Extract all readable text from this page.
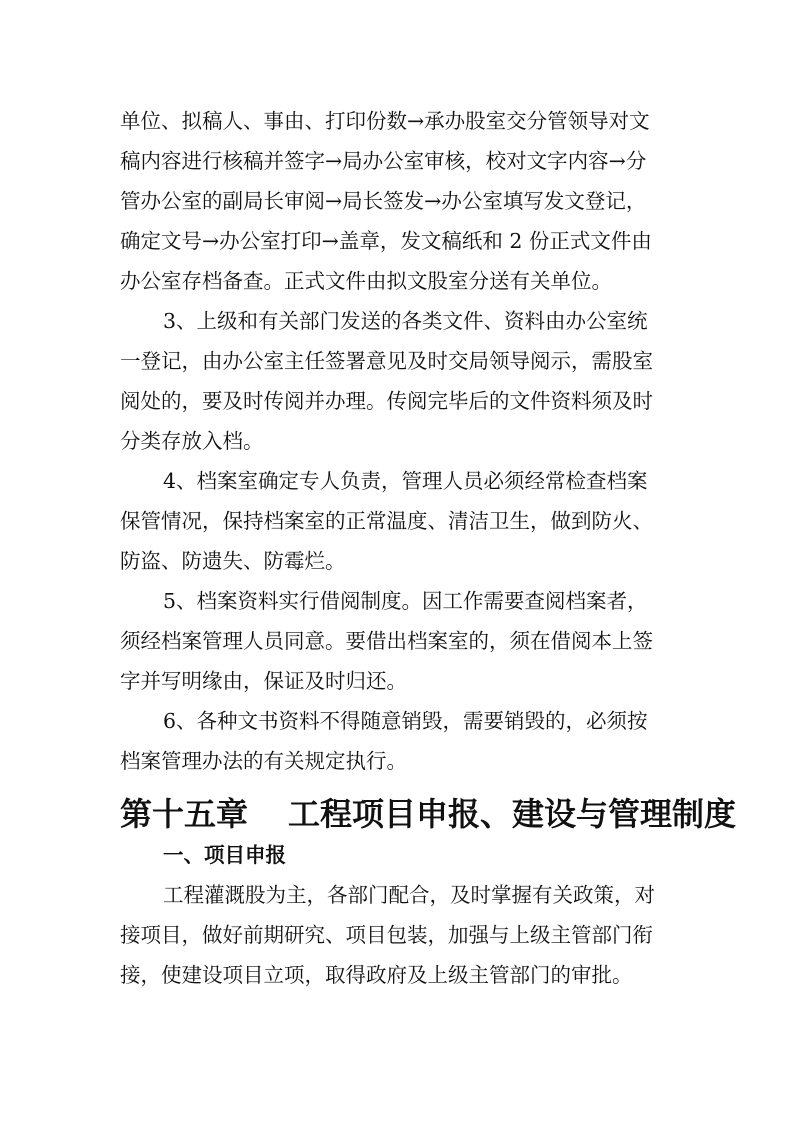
单位、拟稿人、事由、打印份数→承办股室交分管领导对文
稿内容进行核稿并签字→局办公室审核，校对文字内容→分
管办公室的副局长审阅→局长签发→办公室填写发文登记，
确定文号→办公室打印→盖章，发文稿纸和 2 份正式文件由
办公室存档备查。正式文件由拟文股室分送有关单位。
3、上级和有关部门发送的各类文件、资料由办公室统
一登记，由办公室主任签署意见及时交局领导阅示，需股室
阅处的，要及时传阅并办理。传阅完毕后的文件资料须及时
分类存放入档。
4、档案室确定专人负责，管理人员必须经常检查档案
保管情况，保持档案室的正常温度、清洁卫生，做到防火、
防盗、防遗失、防霉烂。
5、档案资料实行借阅制度。因工作需要查阅档案者，
须经档案管理人员同意。要借出档案室的，须在借阅本上签
字并写明缘由，保证及时归还。
6、各种文书资料不得随意销毁，需要销毁的，必须按
档案管理办法的有关规定执行。
第十五章 工程项目申报、建设与管理制度
一、项目申报
工程灌溉股为主，各部门配合，及时掌握有关政策，对
接项目，做好前期研究、项目包装，加强与上级主管部门衔
接，使建设项目立项，取得政府及上级主管部门的审批。
